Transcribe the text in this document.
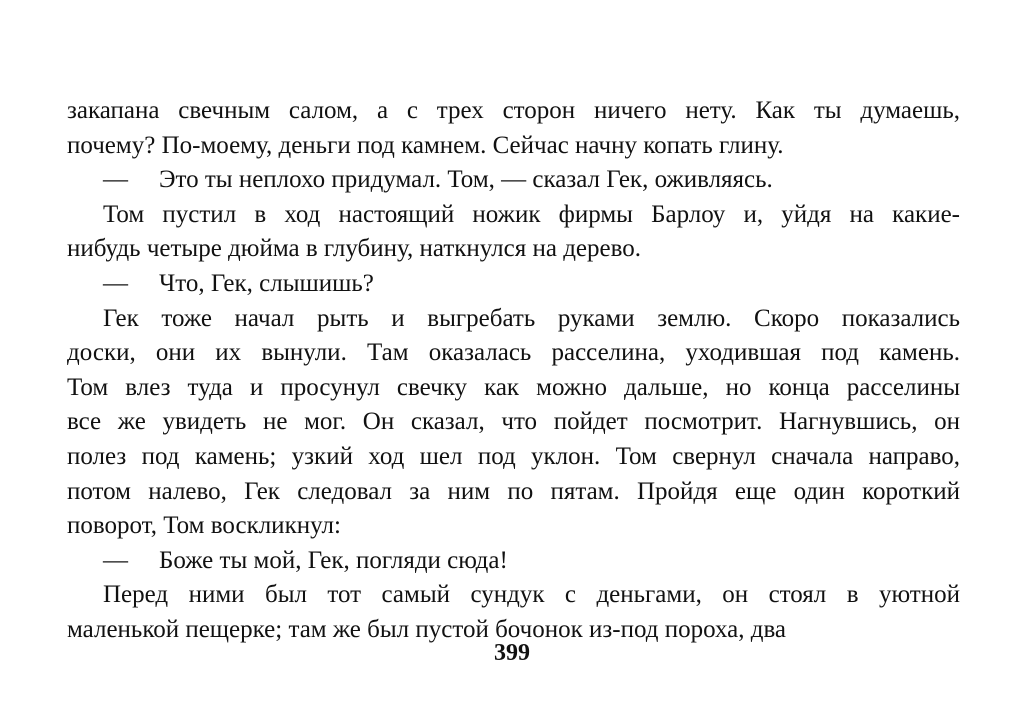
закапана свечным салом, а с трех сторон ничего нету. Как ты думаешь,
почему? По-моему, деньги под камнем. Сейчас начну копать глину.
— Это ты неплохо придумал. Том, — сказал Гек, оживляясь.
Том пустил в ход настоящий ножик фирмы Барлоу и, уйдя на какие-
нибудь четыре дюйма в глубину, наткнулся на дерево.
— Что, Гек, слышишь?
Гек тоже начал рыть и выгребать руками землю. Скоро показались
доски, они их вынули. Там оказалась расселина, уходившая под камень.
Том влез туда и просунул свечку как можно дальше, но конца расселины
все же увидеть не мог. Он сказал, что пойдет посмотрит. Нагнувшись, он
полез под камень; узкий ход шел под уклон. Том свернул сначала направо,
потом налево, Гек следовал за ним по пятам. Пройдя еще один короткий
поворот, Том воскликнул:
— Боже ты мой, Гек, погляди сюда!
Перед ними был тот самый сундук с деньгами, он стоял в уютной
маленькой пещерке; там же был пустой бочонок из-под пороха, два
399
